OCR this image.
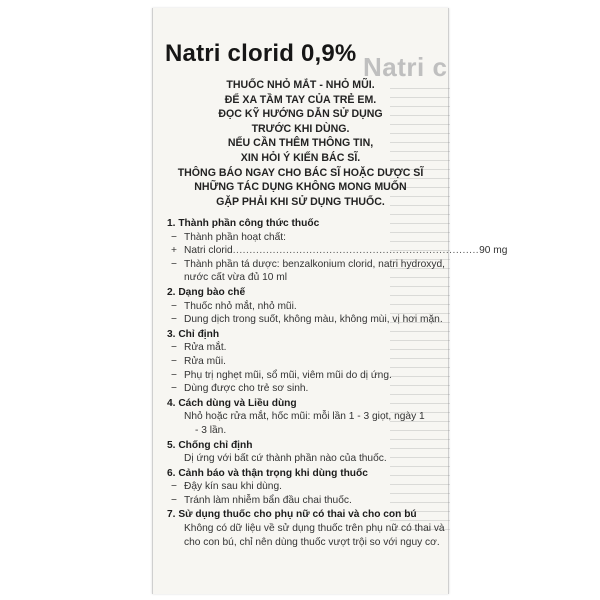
Natri c
Natri clorid 0,9%
THUỐC NHỎ MẮT - NHỎ MŨI.
ĐỂ XA TẦM TAY CỦA TRẺ EM.
ĐỌC KỸ HƯỚNG DẪN SỬ DỤNG
TRƯỚC KHI DÙNG.
NẾU CẦN THÊM THÔNG TIN,
XIN HỎI Ý KIẾN BÁC SĨ.
THÔNG BÁO NGAY CHO BÁC SĨ HOẶC DƯỢC SĨ
NHỮNG TÁC DỤNG KHÔNG MONG MUỐN
GẶP PHẢI KHI SỬ DỤNG THUỐC.
1. Thành phần công thức thuốc
− Thành phần hoạt chất:
+ Natri clorid .......................................................................... 90 mg
− Thành phần tá dược: benzalkonium clorid, natri hydroxyd, nước cất vừa đủ 10 ml
2. Dạng bào chế
− Thuốc nhỏ mắt, nhỏ mũi.
− Dung dịch trong suốt, không màu, không mùi, vị hơi mặn.
3. Chỉ định
− Rửa mắt.
− Rửa mũi.
− Phụ trị nghẹt mũi, sổ mũi, viêm mũi do dị ứng.
− Dùng được cho trẻ sơ sinh.
4. Cách dùng và Liều dùng
Nhỏ hoặc rửa mắt, hốc mũi: mỗi lần 1 - 3 giọt, ngày 1
- 3 lần.
5. Chống chỉ định
Dị ứng với bất cứ thành phần nào của thuốc.
6. Cảnh báo và thận trọng khi dùng thuốc
− Đậy kín sau khi dùng.
− Tránh làm nhiễm bẩn đầu chai thuốc.
7. Sử dụng thuốc cho phụ nữ có thai và cho con bú
Không có dữ liệu về sử dụng thuốc trên phụ nữ có thai và cho con bú, chỉ nên dùng thuốc vượt trội so với nguy cơ.
